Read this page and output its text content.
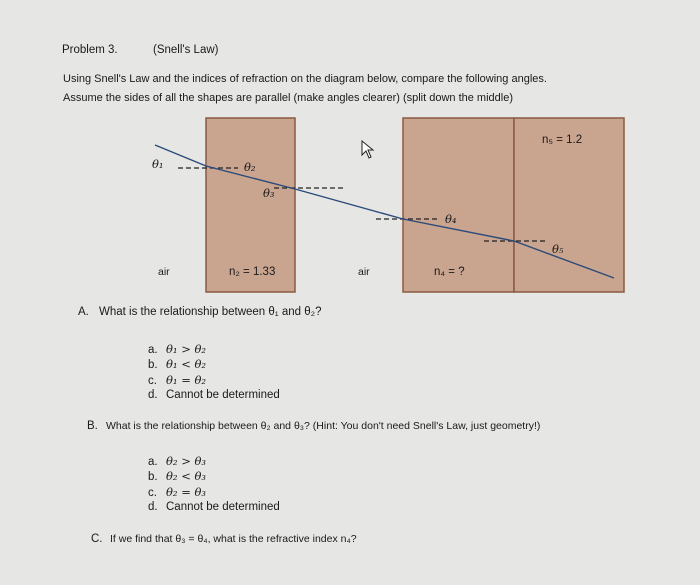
Problem 3.	(Snell's Law)
Using Snell's Law and the indices of refraction on the diagram below, compare the following angles.
Assume the sides of all the shapes are parallel (make angles clearer) (split down the middle)
θ₁	θ₂
θ₃
θ₄
θ₅
n₅ = 1.2
air	n₂ = 1.33	air	n₄ = ?
A. What is the relationship between θ₁ and θ₂?
a. θ₁ > θ₂
b. θ₁ < θ₂
c. θ₁ = θ₂
d. Cannot be determined
B. What is the relationship between θ₂ and θ₃? (Hint: You don't need Snell's Law, just geometry!)
a. θ₂ > θ₃
b. θ₂ < θ₃
c. θ₂ = θ₃
d. Cannot be determined
C. If we find that θ₃ = θ₄, what is the refractive index n₄?
